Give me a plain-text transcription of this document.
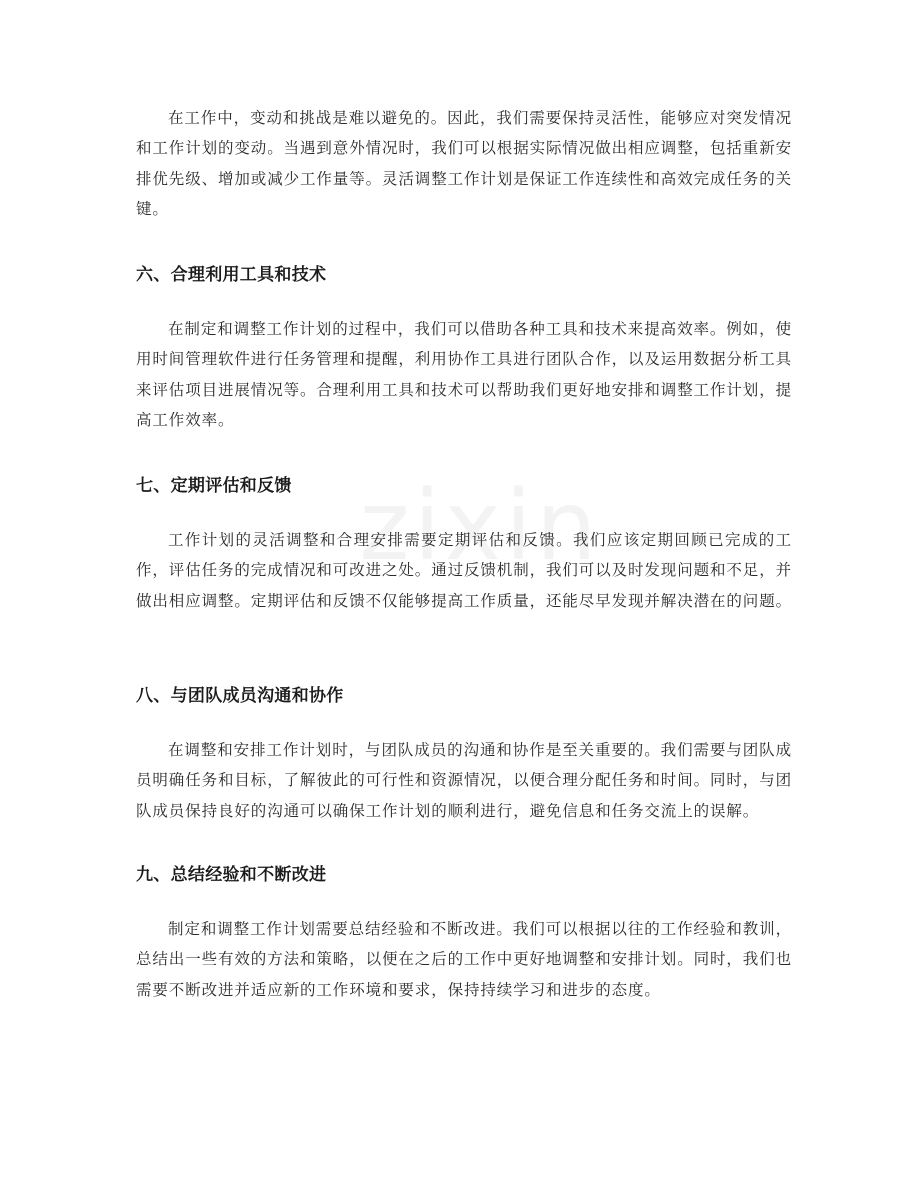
在工作中，变动和挑战是难以避免的。因此，我们需要保持灵活性，能够应对突发情况和工作计划的变动。当遇到意外情况时，我们可以根据实际情况做出相应调整，包括重新安排优先级、增加或减少工作量等。灵活调整工作计划是保证工作连续性和高效完成任务的关键。

六、合理利用工具和技术

在制定和调整工作计划的过程中，我们可以借助各种工具和技术来提高效率。例如，使用时间管理软件进行任务管理和提醒，利用协作工具进行团队合作，以及运用数据分析工具来评估项目进展情况等。合理利用工具和技术可以帮助我们更好地安排和调整工作计划，提高工作效率。

七、定期评估和反馈

工作计划的灵活调整和合理安排需要定期评估和反馈。我们应该定期回顾已完成的工作，评估任务的完成情况和可改进之处。通过反馈机制，我们可以及时发现问题和不足，并做出相应调整。定期评估和反馈不仅能够提高工作质量，还能尽早发现并解决潜在的问题。

八、与团队成员沟通和协作

在调整和安排工作计划时，与团队成员的沟通和协作是至关重要的。我们需要与团队成员明确任务和目标，了解彼此的可行性和资源情况，以便合理分配任务和时间。同时，与团队成员保持良好的沟通可以确保工作计划的顺利进行，避免信息和任务交流上的误解。

九、总结经验和不断改进

制定和调整工作计划需要总结经验和不断改进。我们可以根据以往的工作经验和教训，总结出一些有效的方法和策略，以便在之后的工作中更好地调整和安排计划。同时，我们也需要不断改进并适应新的工作环境和要求，保持持续学习和进步的态度。
